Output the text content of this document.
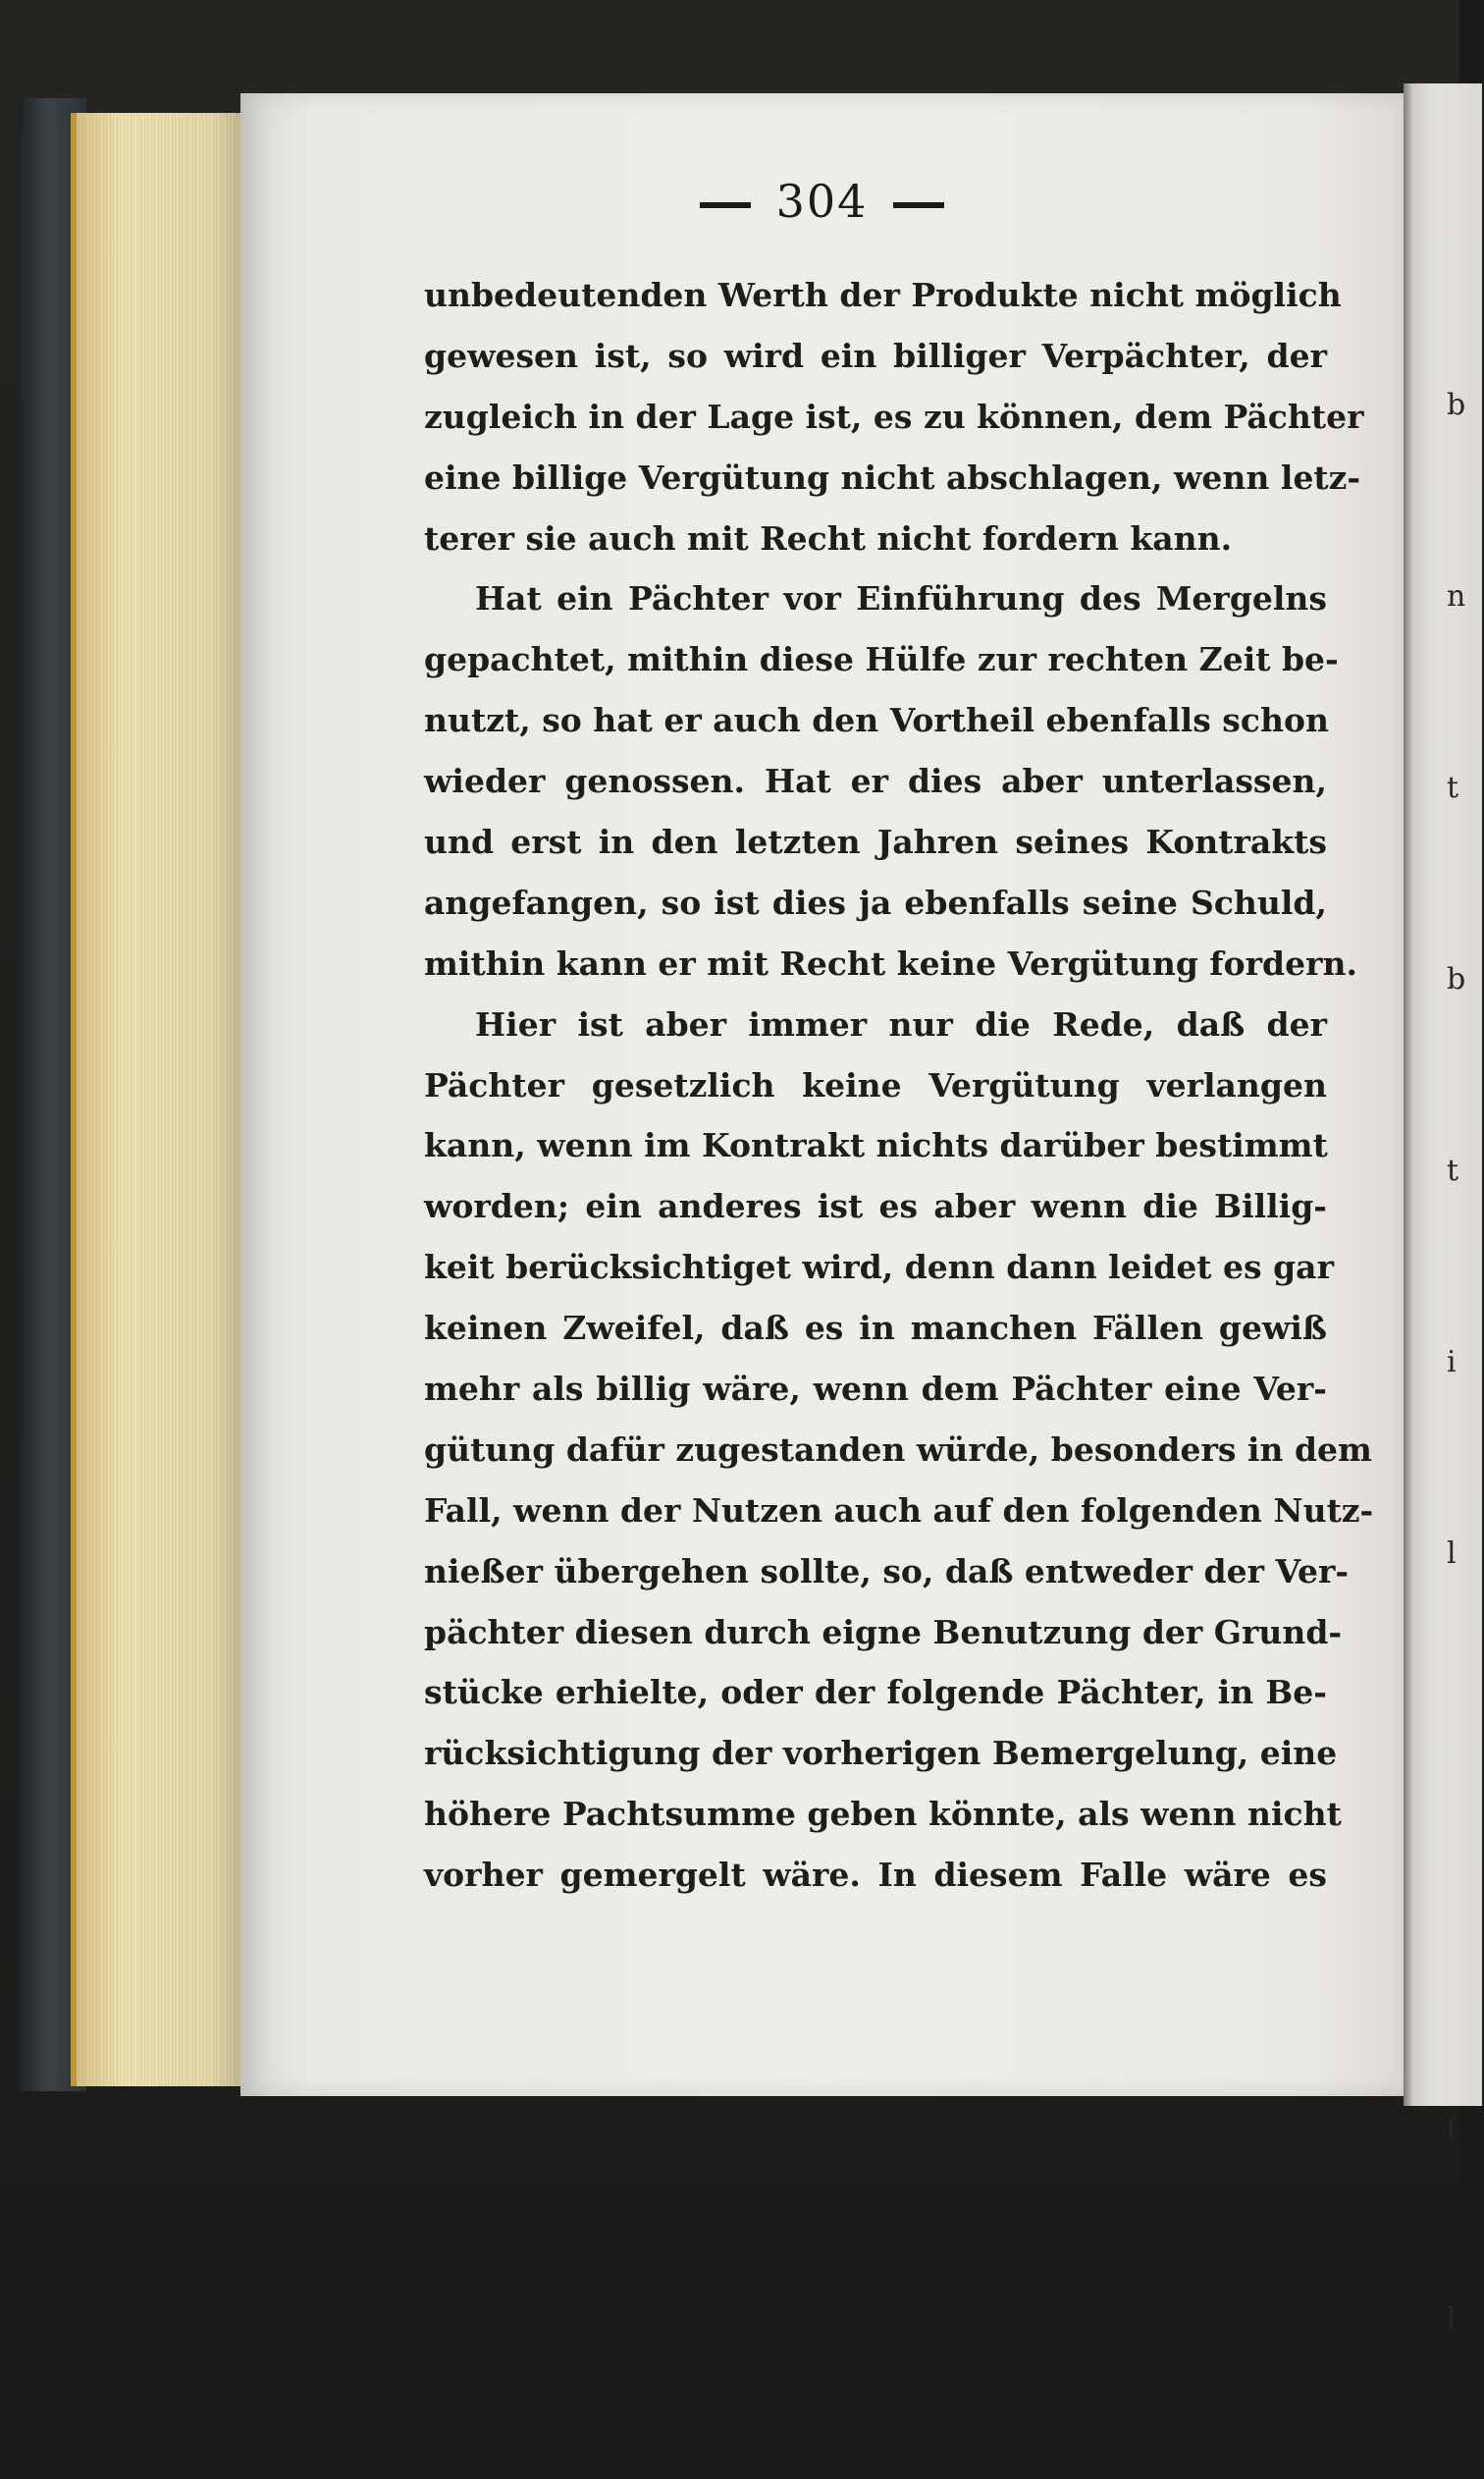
b

n

t

b

t

i

l

(

l

304
unbedeutenden Werth der Produkte nicht möglich
gewesen ist, so wird ein billiger Verpächter, der
zugleich in der Lage ist, es zu können, dem Pächter
eine billige Vergütung nicht abschlagen, wenn letz-
terer sie auch mit Recht nicht fordern kann.
Hat ein Pächter vor Einführung des Mergelns
gepachtet, mithin diese Hülfe zur rechten Zeit be-
nutzt, so hat er auch den Vortheil ebenfalls schon
wieder genossen. Hat er dies aber unterlassen,
und erst in den letzten Jahren seines Kontrakts
angefangen, so ist dies ja ebenfalls seine Schuld,
mithin kann er mit Recht keine Vergütung fordern.
Hier ist aber immer nur die Rede, daß der
Pächter gesetzlich keine Vergütung verlangen
kann, wenn im Kontrakt nichts darüber bestimmt
worden; ein anderes ist es aber wenn die Billig-
keit berücksichtiget wird, denn dann leidet es gar
keinen Zweifel, daß es in manchen Fällen gewiß
mehr als billig wäre, wenn dem Pächter eine Ver-
gütung dafür zugestanden würde, besonders in dem
Fall, wenn der Nutzen auch auf den folgenden Nutz-
nießer übergehen sollte, so, daß entweder der Ver-
pächter diesen durch eigne Benutzung der Grund-
stücke erhielte, oder der folgende Pächter, in Be-
rücksichtigung der vorherigen Bemergelung, eine
höhere Pachtsumme geben könnte, als wenn nicht
vorher gemergelt wäre. In diesem Falle wäre es
